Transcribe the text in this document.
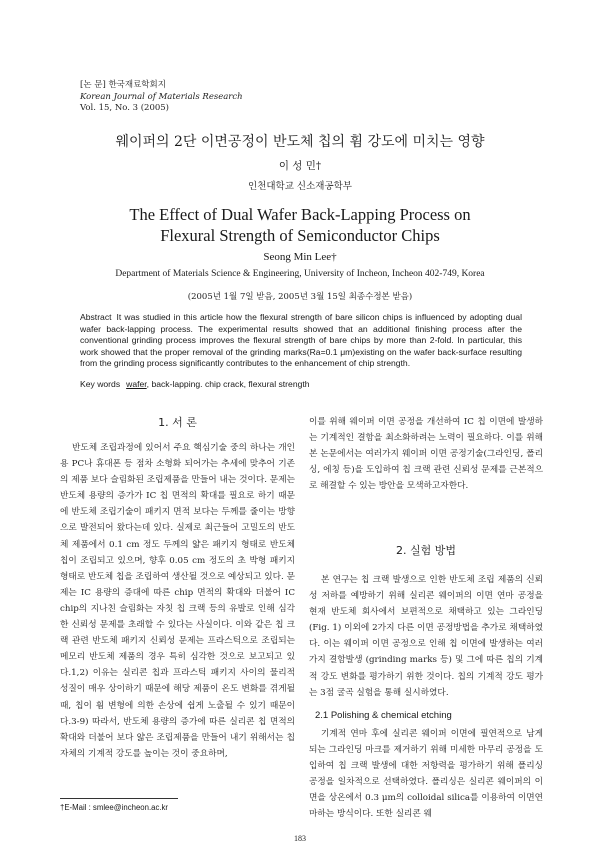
[논 문] 한국재료학회지
Korean Journal of Materials Research
Vol. 15, No. 3 (2005)
웨이퍼의 2단 이면공정이 반도체 칩의 휨 강도에 미치는 영향
이 성 민†
인천대학교 신소재공학부
The Effect of Dual Wafer Back-Lapping Process on
Flexural Strength of Semiconductor Chips
Seong Min Lee†
Department of Materials Science & Engineering, University of Incheon, Incheon 402-749, Korea
(2005년 1월 7일 받음, 2005년 3월 15일 최종수정본 받음)
Abstract It was studied in this article how the flexural strength of bare silicon chips is influenced by adopting dual wafer back-lapping process. The experimental results showed that an additional finishing process after the conventional grinding process improves the flexural strength of bare chips by more than 2-fold. In particular, this work showed that the proper removal of the grinding marks(Ra=0.1 μm)existing on the wafer back-surface resulting from the grinding process significantly contributes to the enhancement of chip strength.
Key words wafer, back-lapping. chip crack, flexural strength
1. 서 론

반도체 조립과정에 있어서 주요 핵심기술 중의 하나는 개인용 PC나 휴대폰 등 점차 소형화 되어가는 추세에 맞추어 기존의 제품 보다 슬림화된 조립제품을 만들어 내는 것이다. 문제는 반도체 용량의 증가가 IC 칩 면적의 확대를 필요로 하기 때문에 반도체 조립기술이 패키지 면적 보다는 두께를 줄이는 방향으로 발전되어 왔다는데 있다. 실제로 최근들어 고밀도의 반도체 제품에서 0.1 cm 정도 두께의 얇은 패키지 형태로 반도체 칩이 조립되고 있으며, 향후 0.05 cm 정도의 초 박형 패키지 형태로 반도체 칩을 조립하여 생산될 것으로 예상되고 있다. 문제는 IC 용량의 증대에 따른 chip 면적의 확대와 더불어 IC chip의 지나친 슬림화는 자칫 칩 크랙 등의 유발로 인해 심각한 신뢰성 문제를 초래할 수 있다는 사실이다. 이와 같은 칩 크랙 관련 반도체 패키지 신뢰성 문제는 프라스틱으로 조립되는 메모리 반도체 제품의 경우 특히 심각한 것으로 보고되고 있다.1,2) 이유는 실리콘 칩과 프라스틱 패키지 사이의 물리적 성질이 매우 상이하기 때문에 해당 제품이 온도 변화를 겪게될 때, 칩이 휨 변형에 의한 손상에 쉽게 노출될 수 있기 때문이다.3-9) 따라서, 반도체 용량의 증가에 따른 실리콘 칩 면적의 확대와 더불어 보다 얇은 조립제품을 만들어 내기 위해서는 칩 자체의 기계적 강도를 높이는 것이 중요하며,

이를 위해 웨이퍼 이면 공정을 개선하여 IC 칩 이면에 발생하는 기계적인 결함을 최소화하려는 노력이 필요하다. 이를 위해 본 논문에서는 여러가지 웨이퍼 이면 공정기술(그라인딩, 폴리싱, 에칭 등)을 도입하여 칩 크랙 관련 신뢰성 문제를 근본적으로 해결할 수 있는 방안을 모색하고자한다.

2. 실험 방법

본 연구는 칩 크랙 발생으로 인한 반도체 조립 제품의 신뢰성 저하를 예방하기 위해 실리콘 웨이퍼의 이면 연마 공정을 현재 반도체 회사에서 보편적으로 채택하고 있는 그라인딩 (Fig. 1) 이외에 2가지 다른 이면 공정방법을 추가로 채택하였다. 이는 웨이퍼 이면 공정으로 인해 칩 이면에 발생하는 여러 가지 결함발생 (grinding marks 등) 및 그에 따른 칩의 기계적 강도 변화를 평가하기 위한 것이다. 칩의 기계적 강도 평가는 3점 굴곡 실험을 통해 실시하였다.

2.1 Polishing & chemical etching

기계적 연마 후에 실리콘 웨이퍼 이면에 필연적으로 남게 되는 그라인딩 마크를 제거하기 위해 미세한 마무리 공정을 도입하여 칩 크랙 발생에 대한 저항력을 평가하기 위해 폴리싱 공정을 일차적으로 선택하였다. 폴리싱은 실리콘 웨이퍼의 이면을 상온에서 0.3 μm의 colloidal silica를 이용하여 이면연마하는 방식이다. 또한 실리콘 웨

†E-Mail : smlee@incheon.ac.kr
183
